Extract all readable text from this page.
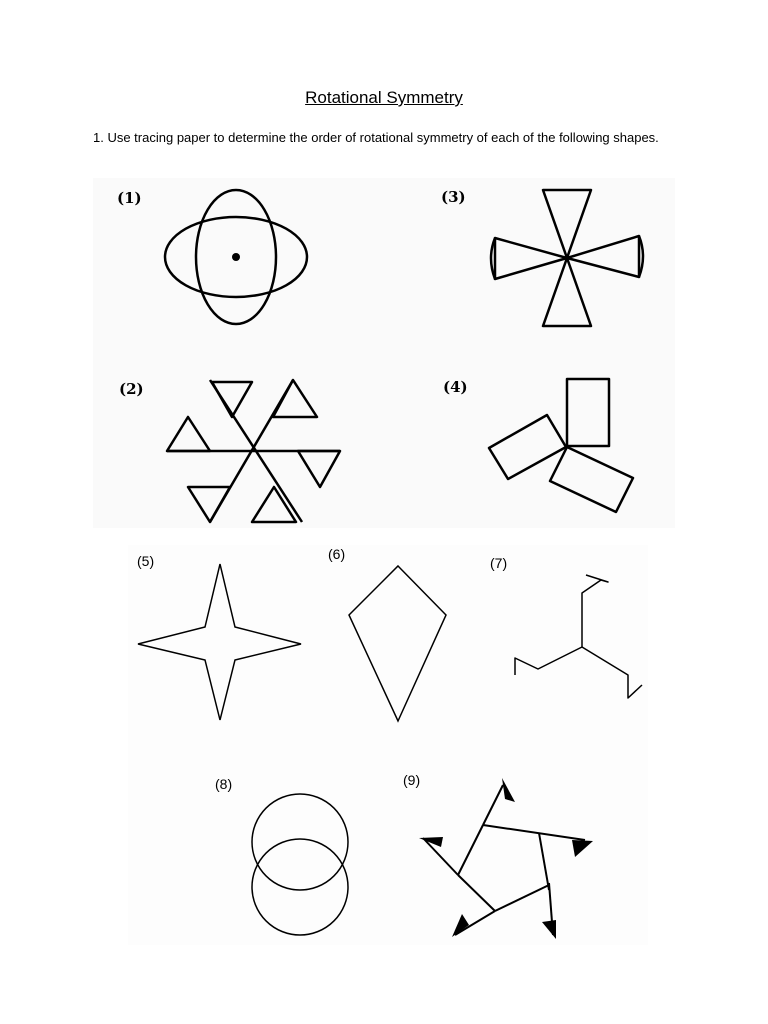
Rotational Symmetry
1. Use tracing paper to determine the order of rotational symmetry of each of the following shapes.
(1)	(3)
(2)	(4)
(5)	(6)
(7)
(8)	(9)
